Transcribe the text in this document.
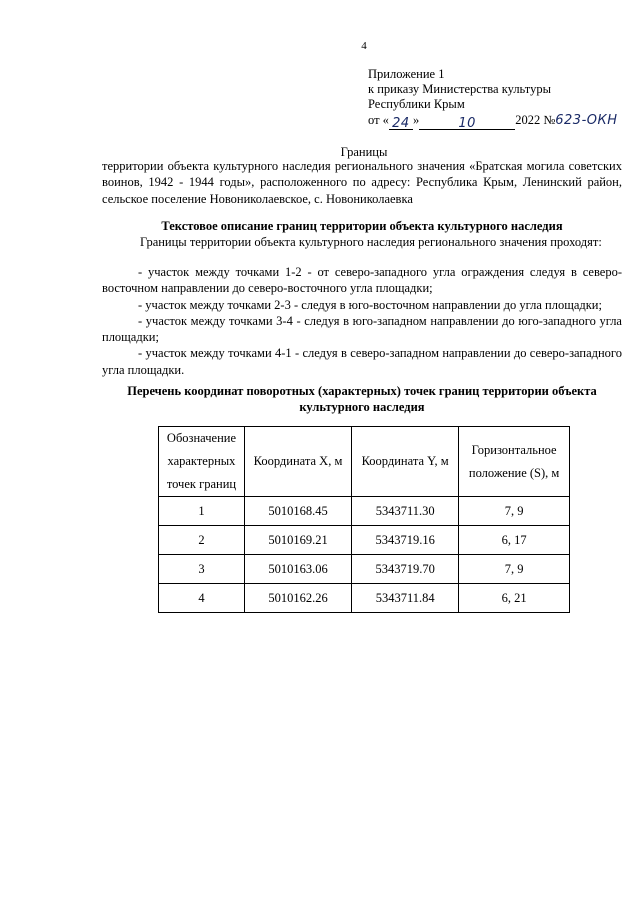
4
Приложение 1
к приказу Министерства культуры
Республики Крым
от « 24 »	10	2022 №623-ОКН
Границы
территории объекта культурного наследия регионального значения «Братская могила советских воинов, 1942 - 1944 годы», расположенного по адресу: Республика Крым, Ленинский район, сельское поселение Новониколаевское, с. Новониколаевка
Текстовое описание границ территории объекта культурного наследия
Границы территории объекта культурного наследия регионального значения проходят:

- участок между точками 1-2 - от северо-западного угла ограждения следуя в северо-восточном направлении до северо-восточного угла площадки;

- участок между точками 2-3 - следуя в юго-восточном направлении до угла площадки;

- участок между точками 3-4 - следуя в юго-западном направлении до юго-западного угла площадки;

- участок между точками 4-1 - следуя в северо-западном направлении до северо-западного угла площадки.

Перечень координат поворотных (характерных) точек границ территории объекта культурного наследия
Обозначение характерных точек границ	Координата X, м	Координата Y, м	Горизонтальное положение (S), м
1	5010168.45	5343711.30	7, 9
2	5010169.21	5343719.16	6, 17
3	5010163.06	5343719.70	7, 9
4	5010162.26	5343711.84	6, 21
